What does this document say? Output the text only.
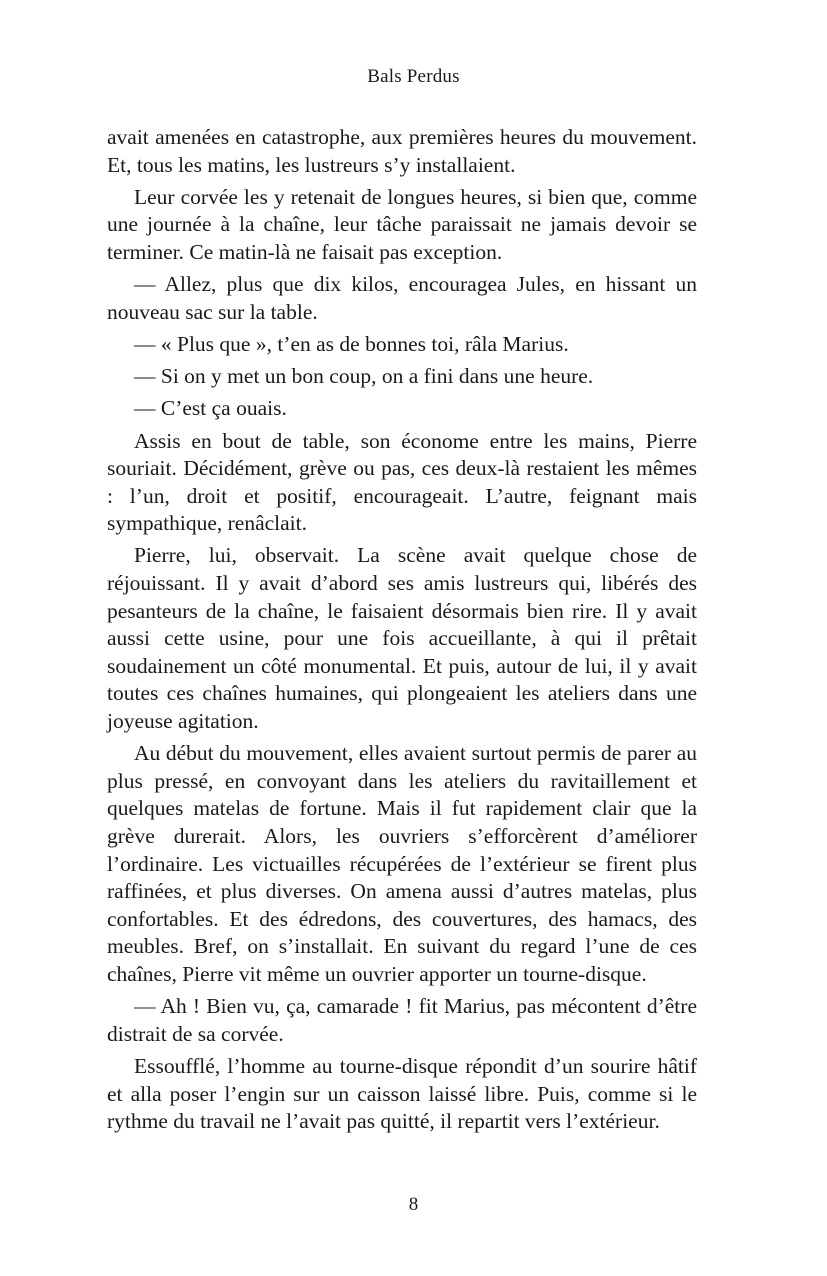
Bals Perdus

avait amenées en catastrophe, aux premières heures du mouvement. Et, tous les matins, les lustreurs s’y installaient.

Leur corvée les y retenait de longues heures, si bien que, comme une journée à la chaîne, leur tâche paraissait ne jamais devoir se terminer. Ce matin-là ne faisait pas exception.

— Allez, plus que dix kilos, encouragea Jules, en hissant un nouveau sac sur la table.

— « Plus que », t’en as de bonnes toi, râla Marius.

— Si on y met un bon coup, on a fini dans une heure.

— C’est ça ouais.

Assis en bout de table, son économe entre les mains, Pierre souriait. Décidément, grève ou pas, ces deux-là restaient les mêmes : l’un, droit et positif, encourageait. L’autre, feignant mais sympathique, renâclait.

Pierre, lui, observait. La scène avait quelque chose de réjouissant. Il y avait d’abord ses amis lustreurs qui, libérés des pesanteurs de la chaîne, le faisaient désormais bien rire. Il y avait aussi cette usine, pour une fois accueillante, à qui il prêtait soudainement un côté monumental. Et puis, autour de lui, il y avait toutes ces chaînes humaines, qui plongeaient les ateliers dans une joyeuse agitation.

Au début du mouvement, elles avaient surtout permis de parer au plus pressé, en convoyant dans les ateliers du ravitaillement et quelques matelas de fortune. Mais il fut rapidement clair que la grève durerait. Alors, les ouvriers s’efforcèrent d’améliorer l’ordinaire. Les victuailles récupérées de l’extérieur se firent plus raffinées, et plus diverses. On amena aussi d’autres matelas, plus confortables. Et des édredons, des couvertures, des hamacs, des meubles. Bref, on s’installait. En suivant du regard l’une de ces chaînes, Pierre vit même un ouvrier apporter un tourne-disque.

— Ah ! Bien vu, ça, camarade ! fit Marius, pas mécontent d’être distrait de sa corvée.

Essoufflé, l’homme au tourne-disque répondit d’un sourire hâtif et alla poser l’engin sur un caisson laissé libre. Puis, comme si le rythme du travail ne l’avait pas quitté, il repartit vers l’extérieur.

8
